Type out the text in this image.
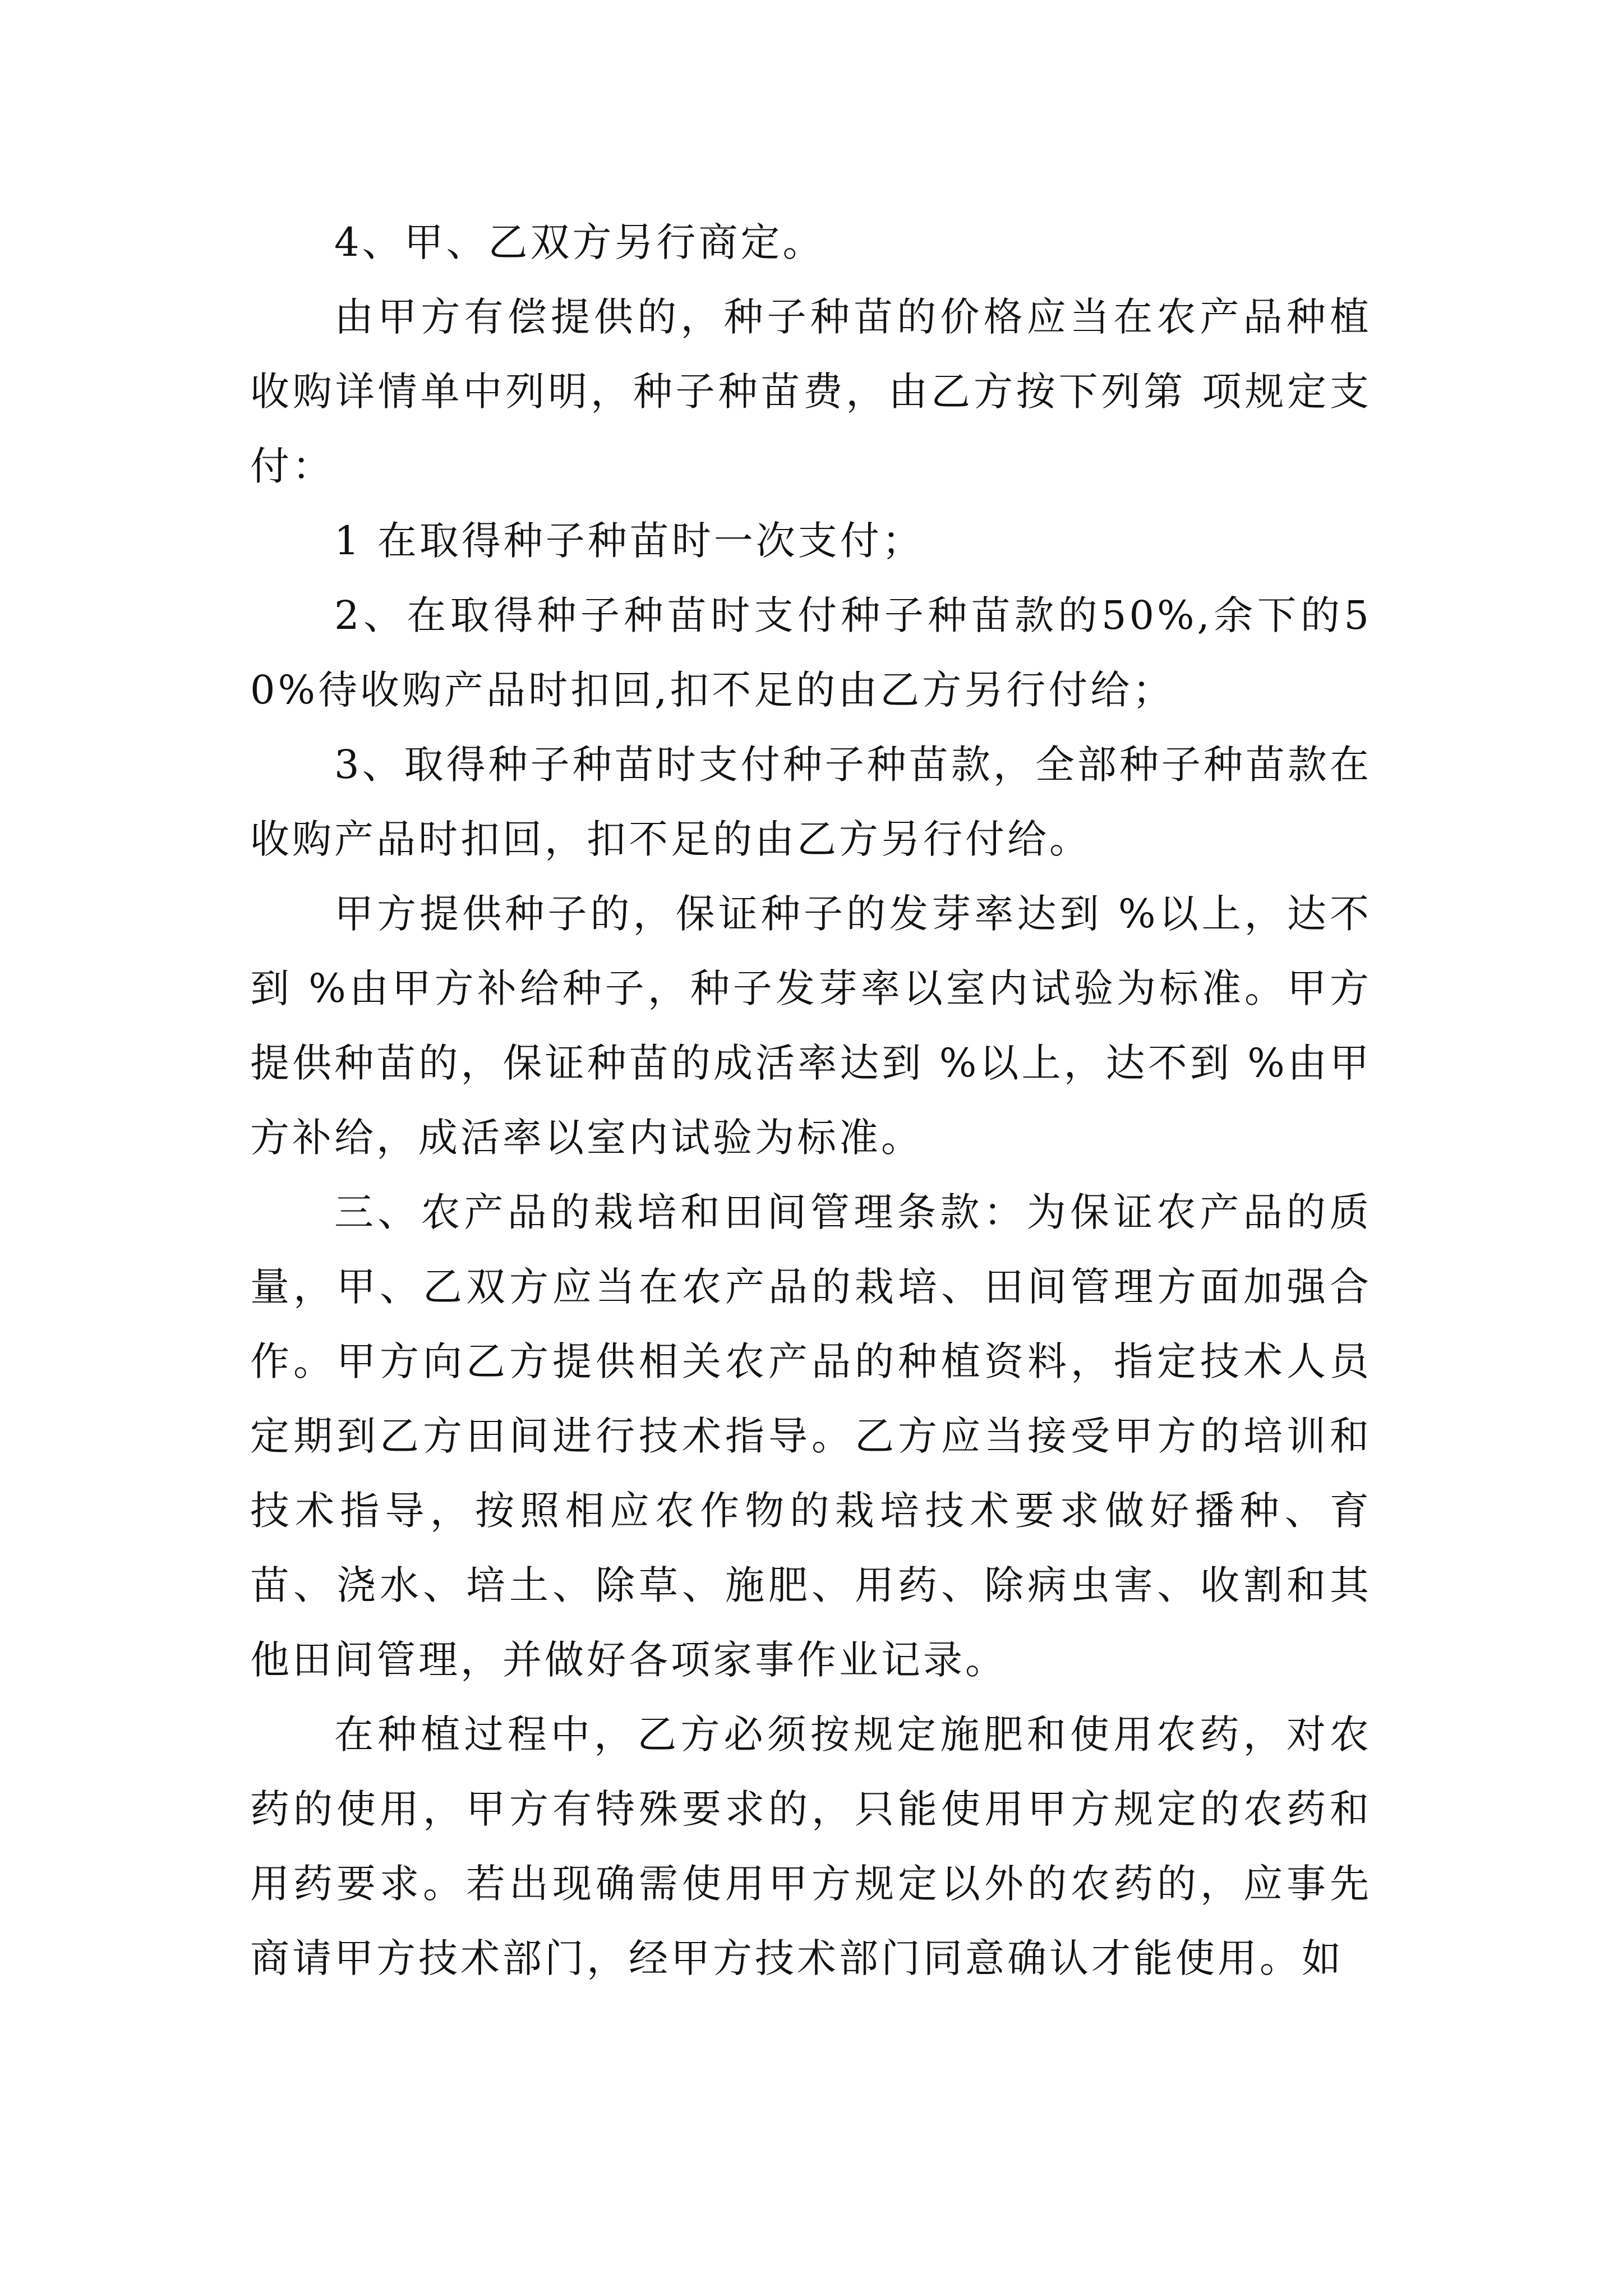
4、甲、乙双方另行商定。

由甲方有偿提供的，种子种苗的价格应当在农产品种植收购详情单中列明，种子种苗费，由乙方按下列第 项规定支付：

1 在取得种子种苗时一次支付；

2、在取得种子种苗时支付种子种苗款的50%,余下的50%待收购产品时扣回,扣不足的由乙方另行付给；

3、取得种子种苗时支付种子种苗款，全部种子种苗款在收购产品时扣回，扣不足的由乙方另行付给。

甲方提供种子的，保证种子的发芽率达到 %以上，达不到 %由甲方补给种子，种子发芽率以室内试验为标准。甲方提供种苗的，保证种苗的成活率达到 %以上，达不到 %由甲方补给，成活率以室内试验为标准。

三、农产品的栽培和田间管理条款：为保证农产品的质量，甲、乙双方应当在农产品的栽培、田间管理方面加强合作。甲方向乙方提供相关农产品的种植资料，指定技术人员定期到乙方田间进行技术指导。乙方应当接受甲方的培训和技术指导，按照相应农作物的栽培技术要求做好播种、育苗、浇水、培土、除草、施肥、用药、除病虫害、收割和其他田间管理，并做好各项家事作业记录。

在种植过程中，乙方必须按规定施肥和使用农药，对农药的使用，甲方有特殊要求的，只能使用甲方规定的农药和用药要求。若出现确需使用甲方规定以外的农药的，应事先商请甲方技术部门，经甲方技术部门同意确认才能使用。如
